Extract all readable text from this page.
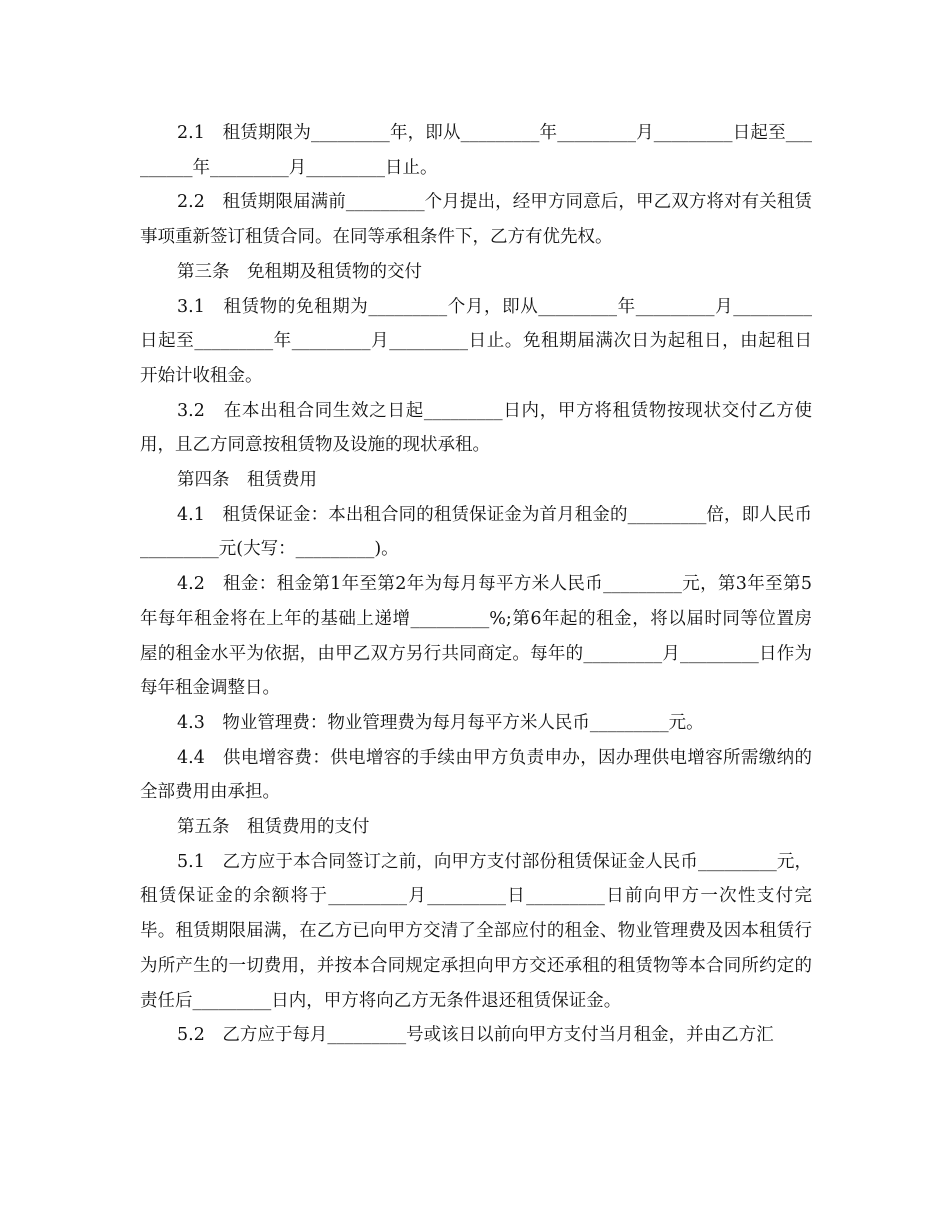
2.1　租赁期限为_________年，即从_________年_________月_________日起至_________年_________月_________日止。

2.2　租赁期限届满前_________个月提出，经甲方同意后，甲乙双方将对有关租赁事项重新签订租赁合同。在同等承租条件下，乙方有优先权。

第三条　免租期及租赁物的交付

3.1　租赁物的免租期为_________个月，即从_________年_________月_________日起至_________年_________月_________日止。免租期届满次日为起租日，由起租日开始计收租金。

3.2　在本出租合同生效之日起_________日内，甲方将租赁物按现状交付乙方使用，且乙方同意按租赁物及设施的现状承租。

第四条　租赁费用

4.1　租赁保证金：本出租合同的租赁保证金为首月租金的_________倍，即人民币_________元(大写：_________)。

4.2　租金：租金第1年至第2年为每月每平方米人民币_________元，第3年至第5年每年租金将在上年的基础上递增_________%;第6年起的租金，将以届时同等位置房屋的租金水平为依据，由甲乙双方另行共同商定。每年的_________月_________日作为每年租金调整日。

4.3　物业管理费：物业管理费为每月每平方米人民币_________元。

4.4　供电增容费：供电增容的手续由甲方负责申办，因办理供电增容所需缴纳的全部费用由承担。

第五条　租赁费用的支付

5.1　乙方应于本合同签订之前，向甲方支付部份租赁保证金人民币_________元，租赁保证金的余额将于_________月_________日_________日前向甲方一次性支付完毕。租赁期限届满，在乙方已向甲方交清了全部应付的租金、物业管理费及因本租赁行为所产生的一切费用，并按本合同规定承担向甲方交还承租的租赁物等本合同所约定的责任后_________日内，甲方将向乙方无条件退还租赁保证金。

5.2　乙方应于每月_________号或该日以前向甲方支付当月租金，并由乙方汇
